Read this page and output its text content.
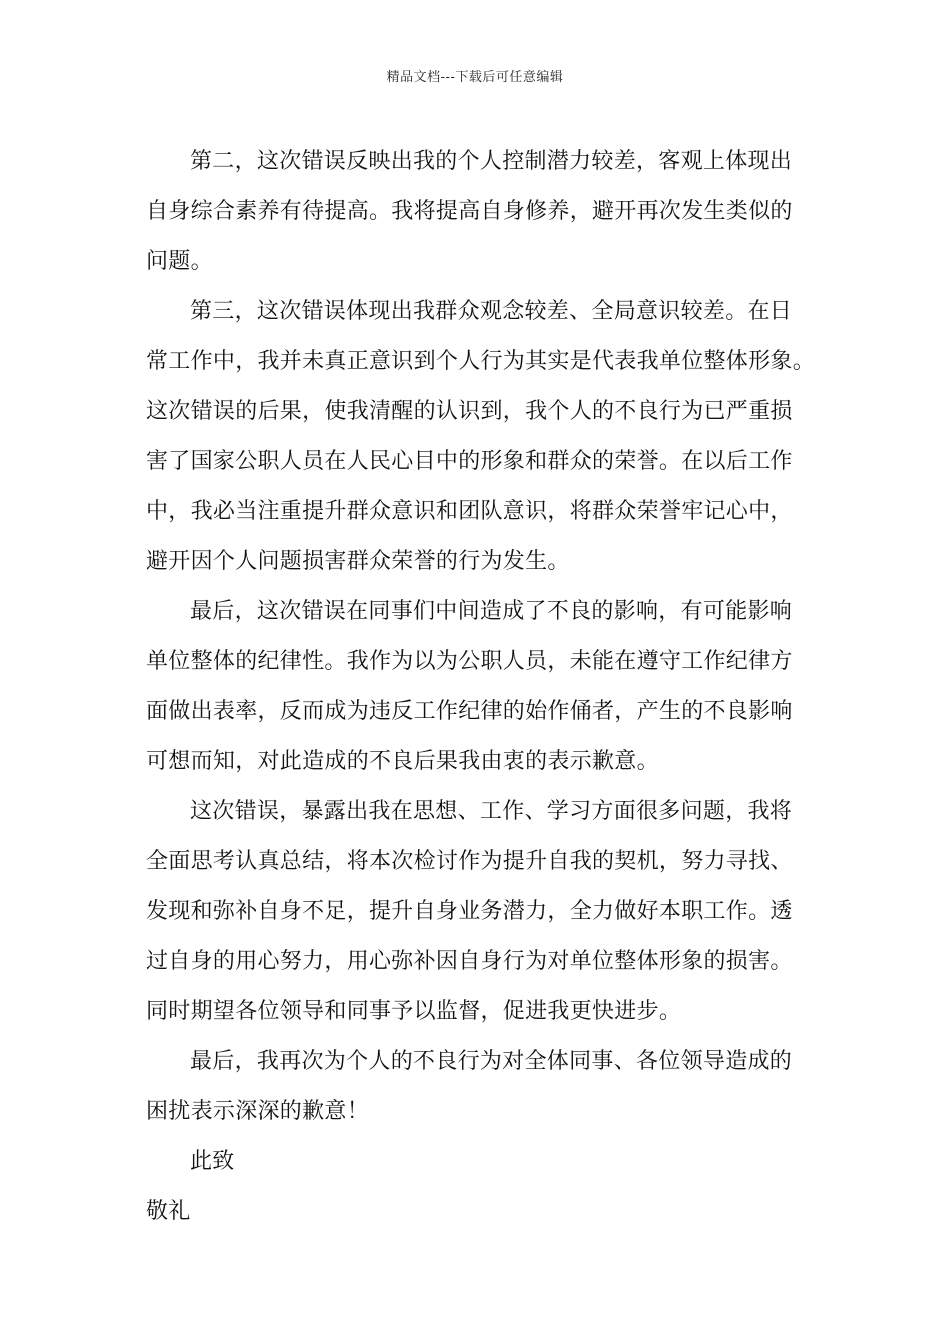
精品文档---下载后可任意编辑
第二，这次错误反映出我的个人控制潜力较差，客观上体现出
自身综合素养有待提高。我将提高自身修养，避开再次发生类似的
问题。
第三，这次错误体现出我群众观念较差、全局意识较差。在日
常工作中，我并未真正意识到个人行为其实是代表我单位整体形象。
这次错误的后果，使我清醒的认识到，我个人的不良行为已严重损
害了国家公职人员在人民心目中的形象和群众的荣誉。在以后工作
中，我必当注重提升群众意识和团队意识，将群众荣誉牢记心中，
避开因个人问题损害群众荣誉的行为发生。
最后，这次错误在同事们中间造成了不良的影响，有可能影响
单位整体的纪律性。我作为以为公职人员，未能在遵守工作纪律方
面做出表率，反而成为违反工作纪律的始作俑者，产生的不良影响
可想而知，对此造成的不良后果我由衷的表示歉意。
这次错误，暴露出我在思想、工作、学习方面很多问题，我将
全面思考认真总结，将本次检讨作为提升自我的契机，努力寻找、
发现和弥补自身不足，提升自身业务潜力，全力做好本职工作。透
过自身的用心努力，用心弥补因自身行为对单位整体形象的损害。
同时期望各位领导和同事予以监督，促进我更快进步。
最后，我再次为个人的不良行为对全体同事、各位领导造成的
困扰表示深深的歉意！
此致
敬礼
